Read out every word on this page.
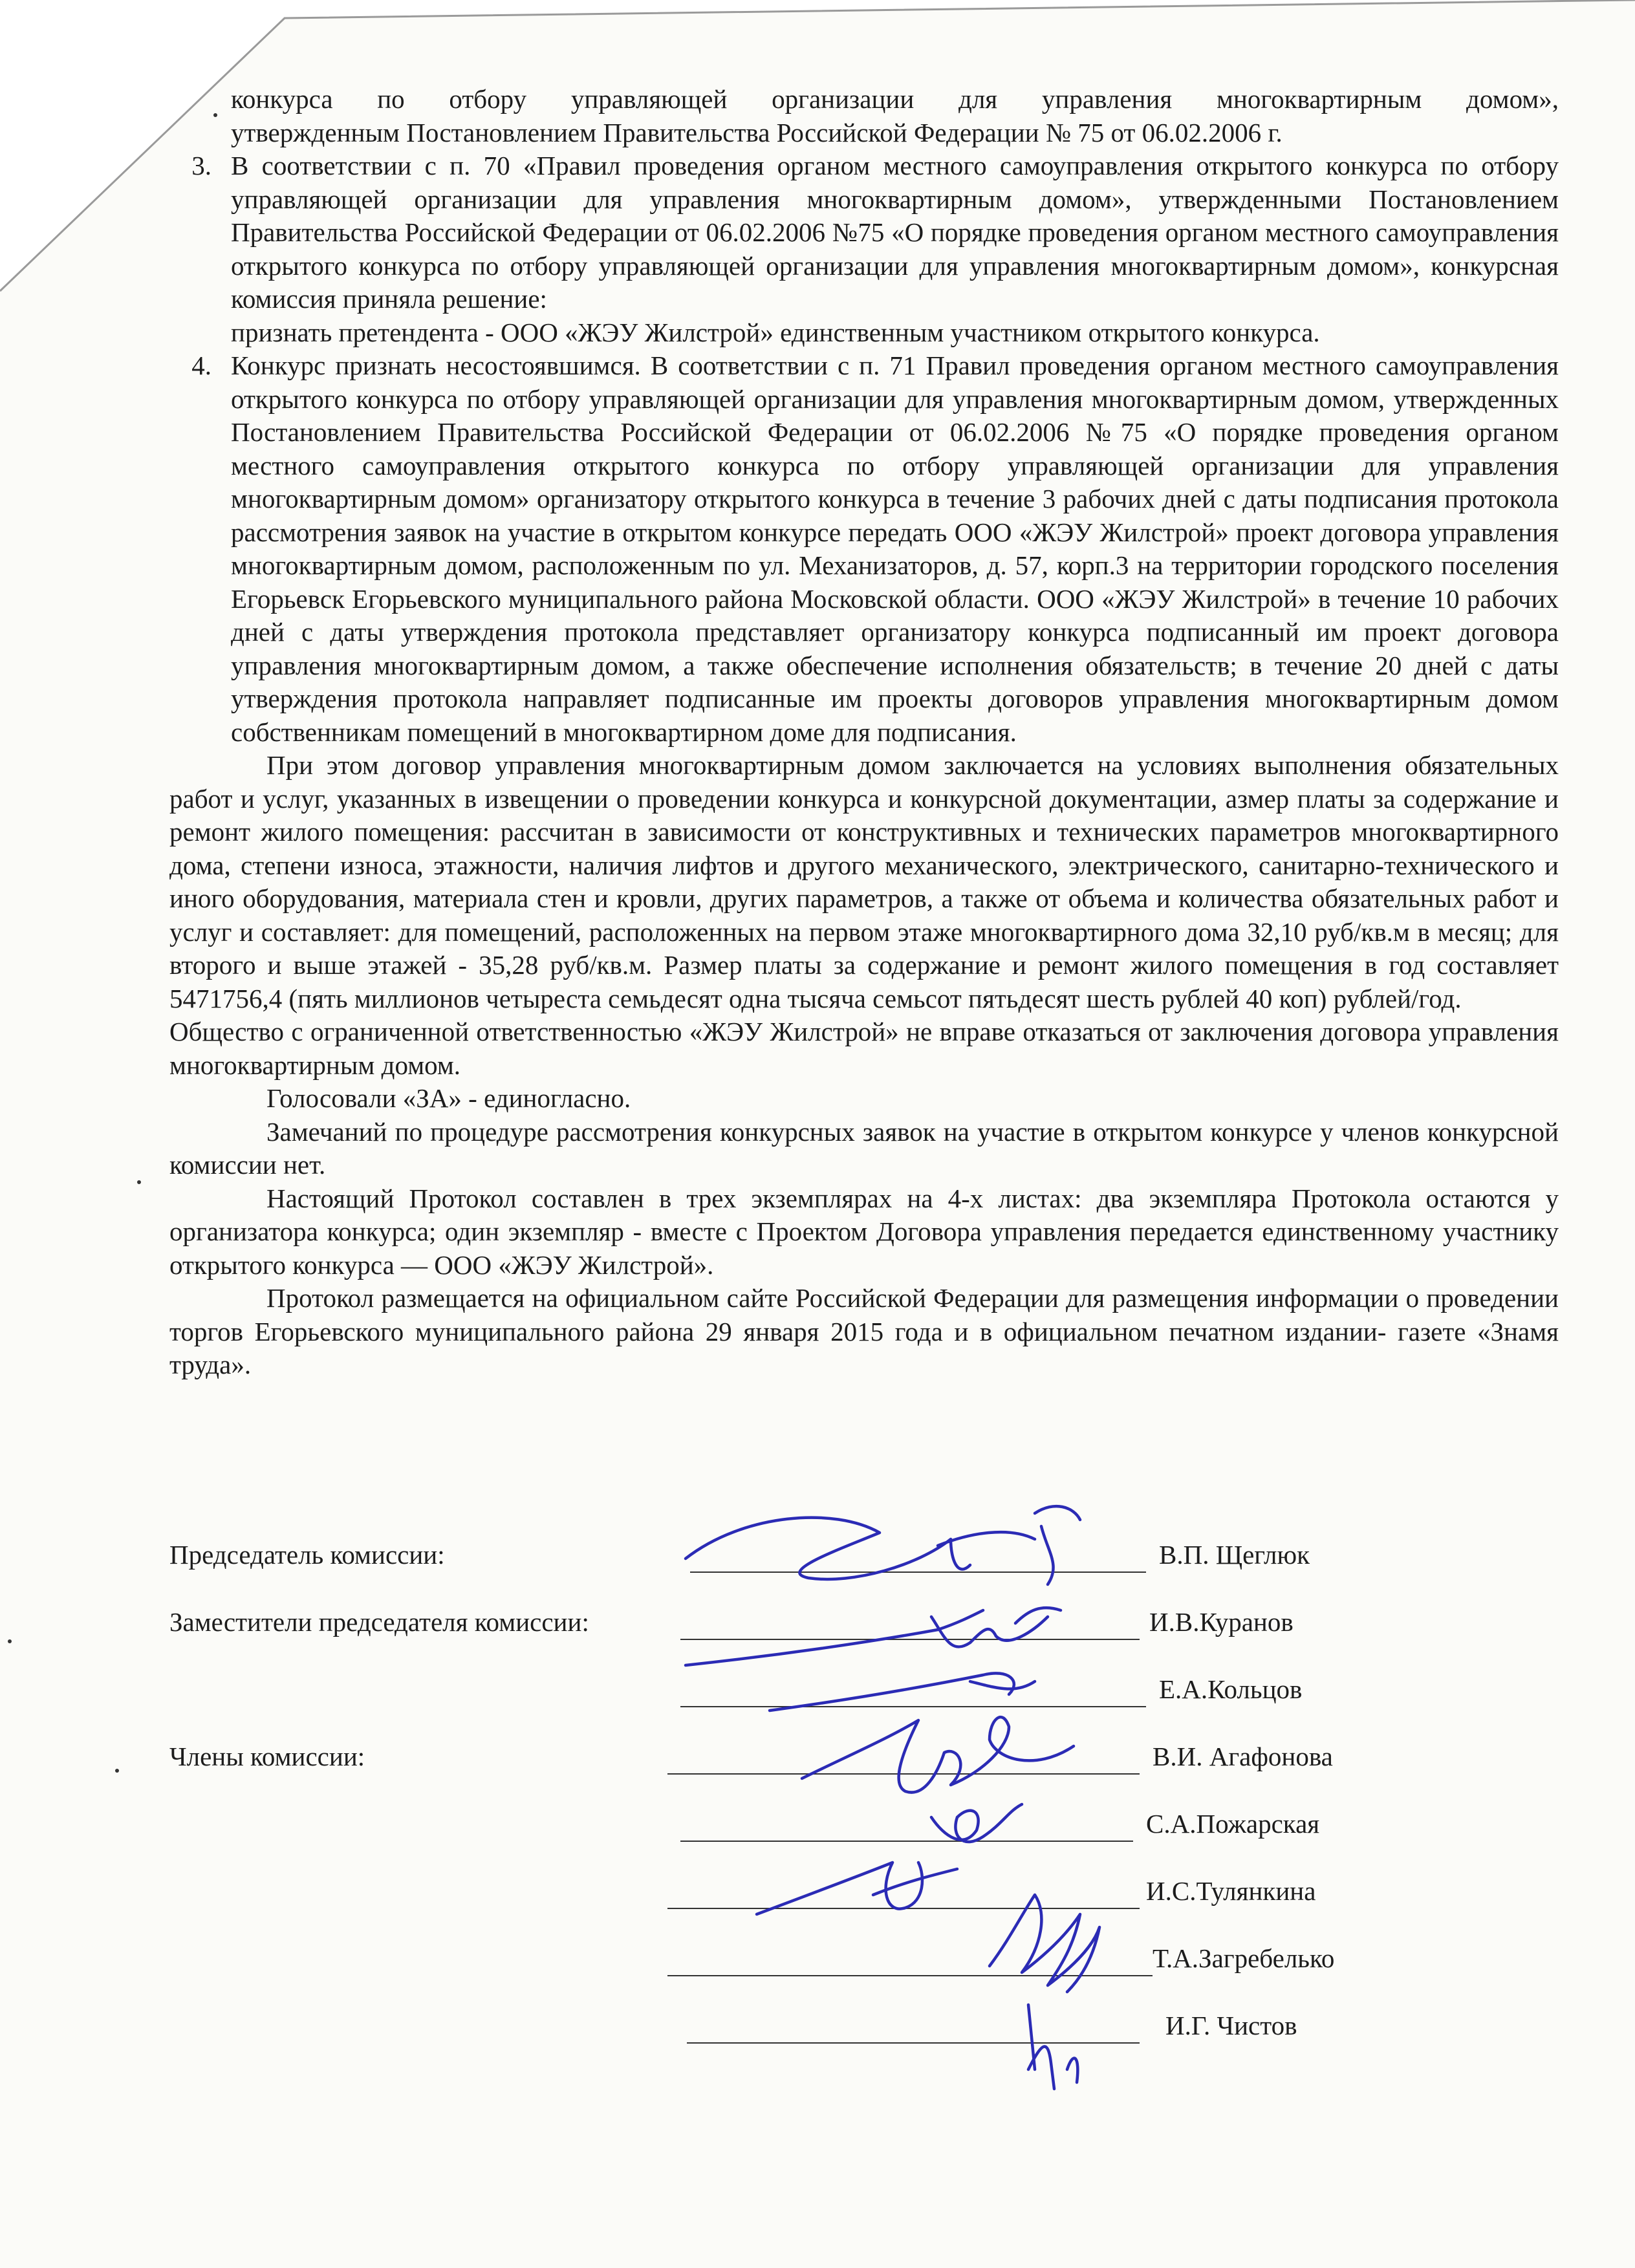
конкурса по отбору управляющей организации для управления многоквартирным домом»,

утвержденным Постановлением Правительства Российской Федерации № 75 от 06.02.2006 г.

3. В соответствии с п. 70 «Правил проведения органом местного самоуправления открытого конкурса по отбору управляющей организации для управления многоквартирным домом», утвержденными Постановлением Правительства Российской Федерации от 06.02.2006 №75 «О порядке проведения органом местного самоуправления открытого конкурса по отбору управляющей организации для управления многоквартирным домом», конкурсная комиссия приняла решение:

признать претендента - ООО «ЖЭУ Жилстрой» единственным участником открытого конкурса.

4. Конкурс признать несостоявшимся. В соответствии с п. 71 Правил проведения органом местного самоуправления открытого конкурса по отбору управляющей организации для управления многоквартирным домом, утвержденных Постановлением Правительства Российской Федерации от 06.02.2006 №75 «О порядке проведения органом местного самоуправления открытого конкурса по отбору управляющей организации для управления многоквартирным домом» организатору открытого конкурса в течение 3 рабочих дней с даты подписания протокола рассмотрения заявок на участие в открытом конкурсе передать ООО «ЖЭУ Жилстрой» проект договора управления многоквартирным домом, расположенным по ул. Механизаторов, д. 57, корп.3 на территории городского поселения Егорьевск Егорьевского муниципального района Московской области. ООО «ЖЭУ Жилстрой» в течение 10 рабочих дней с даты утверждения протокола представляет организатору конкурса подписанный им проект договора управления многоквартирным домом, а также обеспечение исполнения обязательств; в течение 20 дней с даты утверждения протокола направляет подписанные им проекты договоров управления многоквартирным домом собственникам помещений в многоквартирном доме для подписания.

При этом договор управления многоквартирным домом заключается на условиях выполнения обязательных работ и услуг, указанных в извещении о проведении конкурса и конкурсной документации, азмер платы за содержание и ремонт жилого помещения: рассчитан в зависимости от конструктивных и технических параметров многоквартирного дома, степени износа, этажности, наличия лифтов и другого механического, электрического, санитарно-технического и иного оборудования, материала стен и кровли, других параметров, а также от объема и количества обязательных работ и услуг и составляет: для помещений, расположенных на первом этаже многоквартирного дома 32,10 руб/кв.м в месяц; для второго и выше этажей - 35,28 руб/кв.м. Размер платы за содержание и ремонт жилого помещения в год составляет 5471756,4 (пять миллионов четыреста семьдесят одна тысяча семьсот пятьдесят шесть рублей 40 коп) рублей/год.

Общество с ограниченной ответственностью «ЖЭУ Жилстрой» не вправе отказаться от заключения договора управления многоквартирным домом.

Голосовали «ЗА» - единогласно.

Замечаний по процедуре рассмотрения конкурсных заявок на участие в открытом конкурсе у членов конкурсной комиссии нет.

Настоящий Протокол составлен в трех экземплярах на 4-х листах: два экземпляра Протокола остаются у организатора конкурса; один экземпляр - вместе с Проектом Договора управления передается единственному участнику открытого конкурса — ООО «ЖЭУ Жилстрой».

Протокол размещается на официальном сайте Российской Федерации для размещения информации о проведении торгов Егорьевского муниципального района 29 января 2015 года и в официальном печатном издании- газете «Знамя труда».

Председатель комиссии:	В.П. Щеглюк
Заместители председателя комиссии:	И.В.Куранов
Е.А.Кольцов
Члены комиссии:	В.И. Агафонова
С.А.Пожарская
И.С.Тулянкина
Т.А.Загребелько
И.Г. Чистов
